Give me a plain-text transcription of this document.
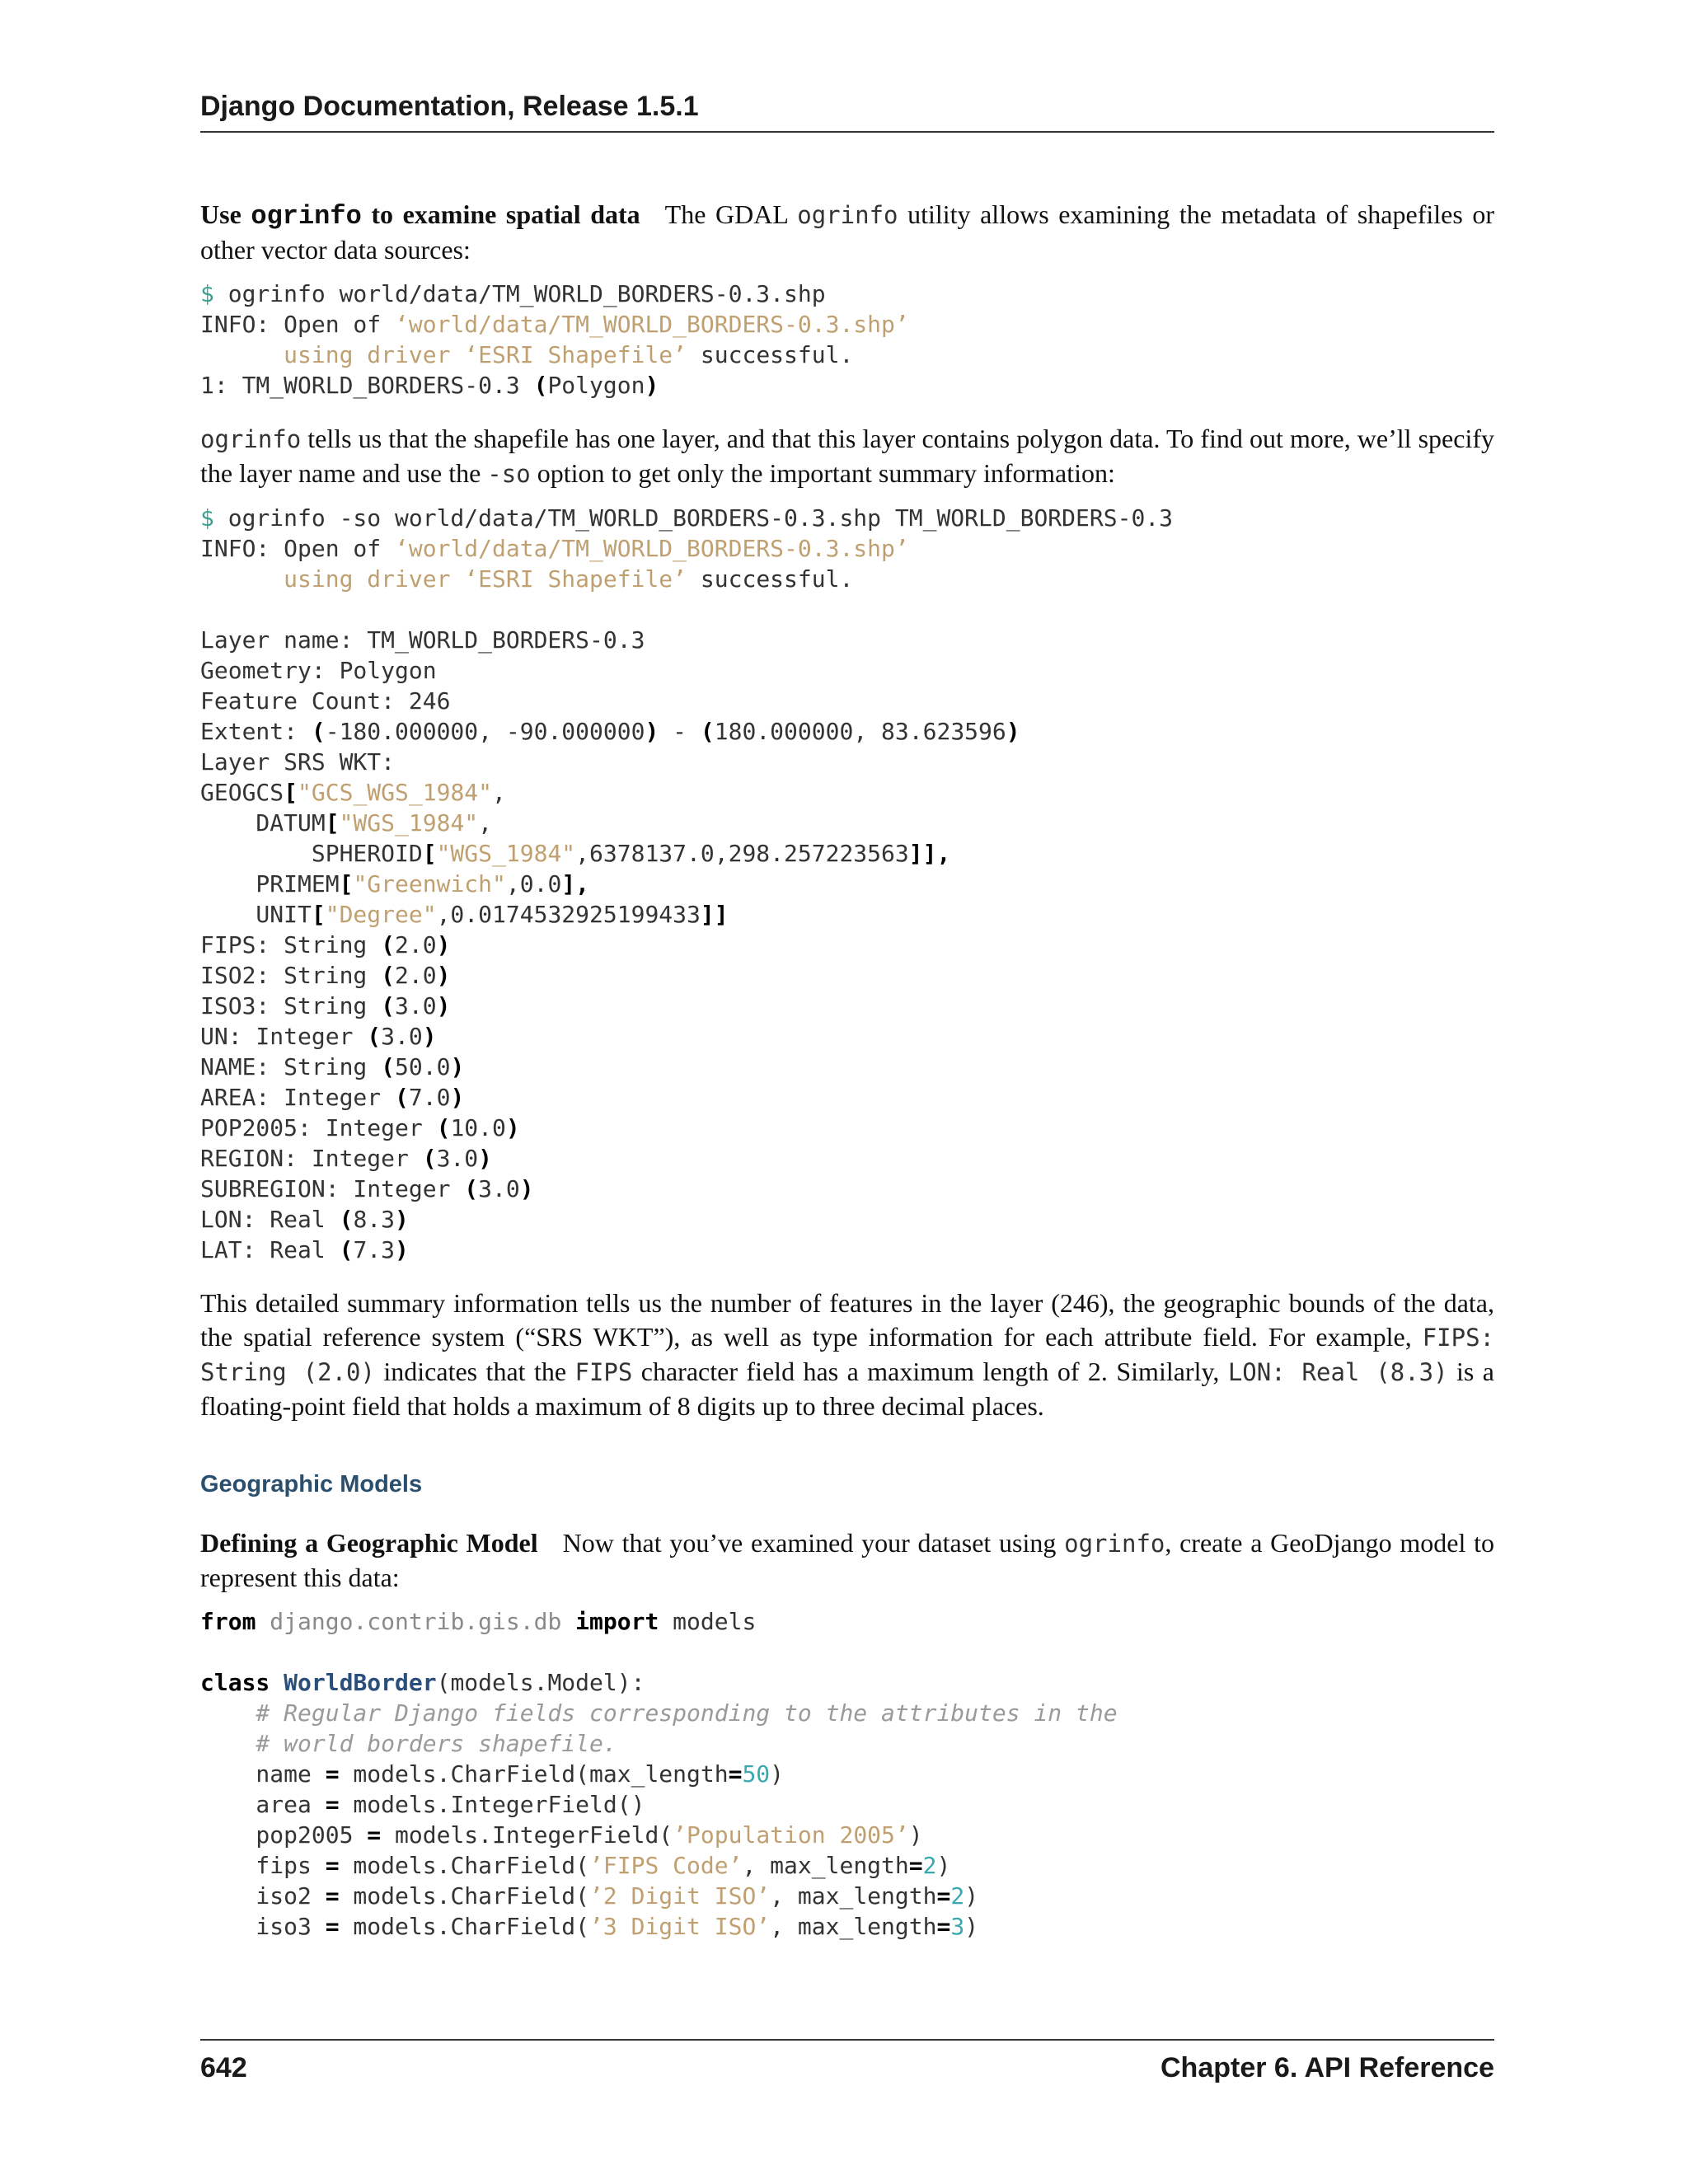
Django Documentation, Release 1.5.1

Use ogrinfo to examine spatial data The GDAL ogrinfo utility allows examining the metadata of shapefiles or other vector data sources:

$ ogrinfo world/data/TM_WORLD_BORDERS-0.3.shp
INFO: Open of ‘world/data/TM_WORLD_BORDERS-0.3.shp’
using driver ‘ESRI Shapefile’ successful.
1: TM_WORLD_BORDERS-0.3 (Polygon)

ogrinfo tells us that the shapefile has one layer, and that this layer contains polygon data. To find out more, we’ll specify the layer name and use the -so option to get only the important summary information:

$ ogrinfo -so world/data/TM_WORLD_BORDERS-0.3.shp TM_WORLD_BORDERS-0.3
INFO: Open of ‘world/data/TM_WORLD_BORDERS-0.3.shp’
using driver ‘ESRI Shapefile’ successful.

Layer name: TM_WORLD_BORDERS-0.3
Geometry: Polygon
Feature Count: 246
Extent: (-180.000000, -90.000000) - (180.000000, 83.623596)
Layer SRS WKT:
GEOGCS["GCS_WGS_1984",
DATUM["WGS_1984",
SPHEROID["WGS_1984",6378137.0,298.257223563]],
PRIMEM["Greenwich",0.0],
UNIT["Degree",0.0174532925199433]]
FIPS: String (2.0)
ISO2: String (2.0)
ISO3: String (3.0)
UN: Integer (3.0)
NAME: String (50.0)
AREA: Integer (7.0)
POP2005: Integer (10.0)
REGION: Integer (3.0)
SUBREGION: Integer (3.0)
LON: Real (8.3)
LAT: Real (7.3)

This detailed summary information tells us the number of features in the layer (246), the geographic bounds of the data, the spatial reference system (“SRS WKT”), as well as type information for each attribute field. For example, FIPS: String (2.0) indicates that the FIPS character field has a maximum length of 2. Similarly, LON: Real (8.3) is a floating-point field that holds a maximum of 8 digits up to three decimal places.

Geographic Models

Defining a Geographic Model Now that you’ve examined your dataset using ogrinfo, create a GeoDjango model to represent this data:

from django.contrib.gis.db import models

class WorldBorder(models.Model):
# Regular Django fields corresponding to the attributes in the
# world borders shapefile.
name = models.CharField(max_length=50)
area = models.IntegerField()
pop2005 = models.IntegerField(’Population 2005’)
fips = models.CharField(’FIPS Code’, max_length=2)
iso2 = models.CharField(’2 Digit ISO’, max_length=2)
iso3 = models.CharField(’3 Digit ISO’, max_length=3)
642	Chapter 6. API Reference
